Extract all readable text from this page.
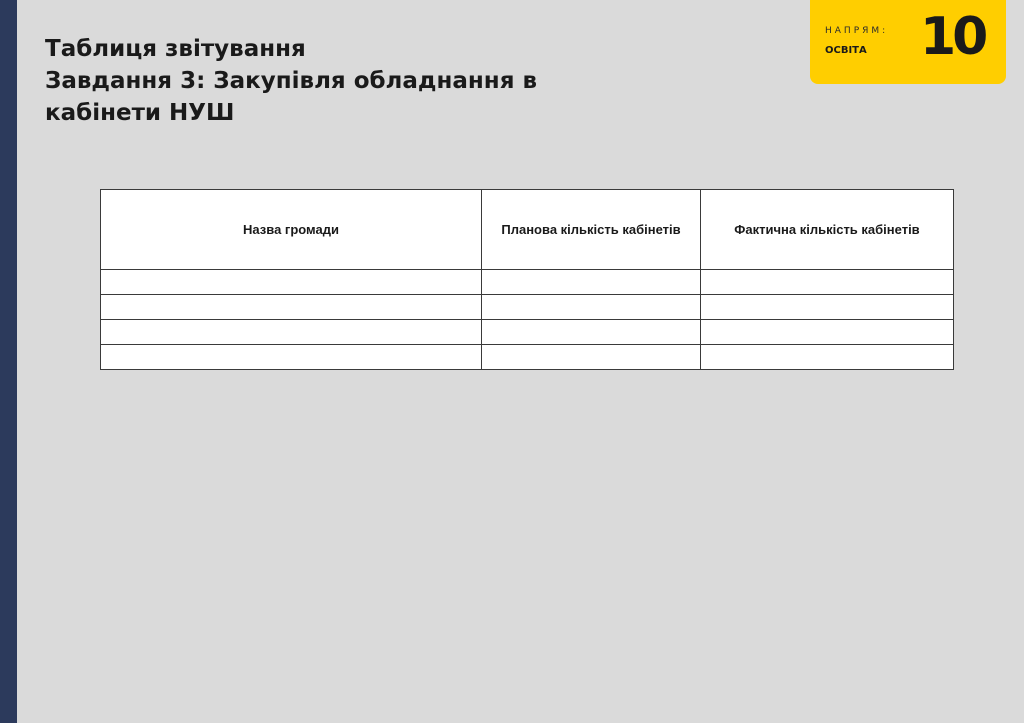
Таблиця звітування
Завдання 3: Закупівля обладнання в
кабінети НУШ
НАПРЯМ:
ОСВІТА 10
Назва громади	Планова кількість кабінетів	Фактична кількість кабінетів
